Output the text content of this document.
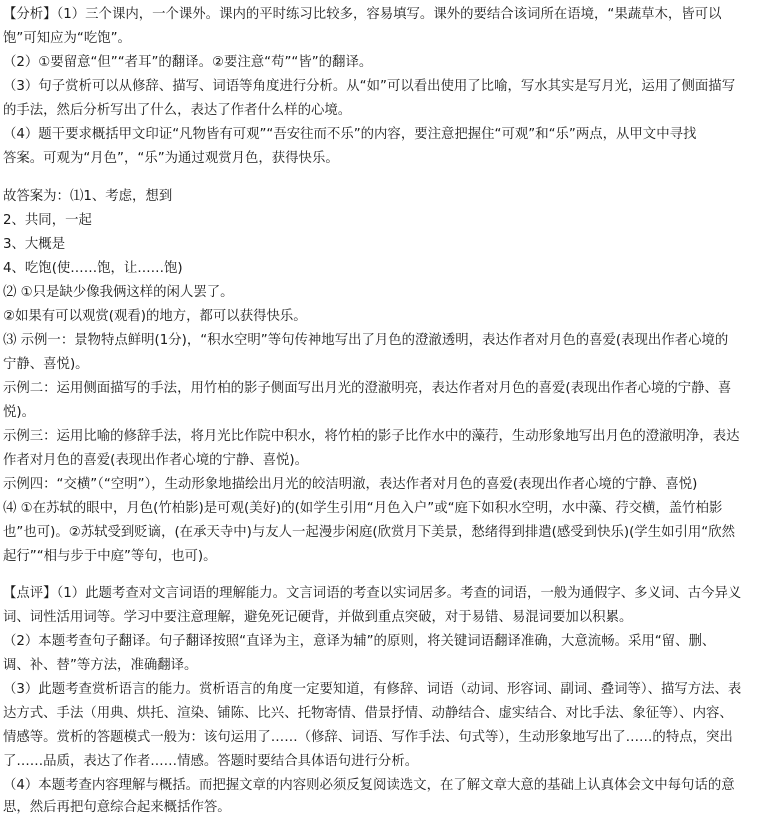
【分析】（1）三个课内，一个课外。课内的平时练习比较多，容易填写。课外的要结合该词所在语境，“果蔬草木，皆可以
饱”可知应为“吃饱”。
（2）①要留意“但”“者耳”的翻译。②要注意“苟”“皆”的翻译。
（3）句子赏析可以从修辞、描写、词语等角度进行分析。从“如”可以看出使用了比喻，写水其实是写月光，运用了侧面描写
的手法，然后分析写出了什么，表达了作者什么样的心境。
（4）题干要求概括甲文印证“凡物皆有可观”“吾安往而不乐”的内容，要注意把握住“可观”和“乐”两点，从甲文中寻找
答案。可观为“月色”，“乐”为通过观赏月色，获得快乐。
故答案为：⑴1、考虑，想到
2、共同，一起
3、大概是
4、吃饱(使……饱，让……饱)
⑵ ①只是缺少像我俩这样的闲人罢了。
②如果有可以观赏(观看)的地方，都可以获得快乐。
⑶ 示例一：景物特点鲜明(1分)，“积水空明”等句传神地写出了月色的澄澈透明，表达作者对月色的喜爱(表现出作者心境的
宁静、喜悦)。
示例二：运用侧面描写的手法，用竹柏的影子侧面写出月光的澄澈明亮，表达作者对月色的喜爱(表现出作者心境的宁静、喜
悦)。
示例三：运用比喻的修辞手法，将月光比作院中积水，将竹柏的影子比作水中的藻荇，生动形象地写出月色的澄澈明净，表达
作者对月色的喜爱(表现出作者心境的宁静、喜悦)。
示例四：“交横”（“空明”），生动形象地描绘出月光的皎洁明澈，表达作者对月色的喜爱(表现出作者心境的宁静、喜悦)
⑷ ①在苏轼的眼中，月色(竹柏影)是可观(美好)的(如学生引用“月色入户”或“庭下如积水空明，水中藻、荇交横，盖竹柏影
也”也可)。②苏轼受到贬谪，(在承天寺中)与友人一起漫步闲庭(欣赏月下美景，愁绪得到排遣(感受到快乐)(学生如引用“欣然
起行”“相与步于中庭”等句，也可)。
【点评】（1）此题考查对文言词语的理解能力。文言词语的考查以实词居多。考查的词语，一般为通假字、多义词、古今异义
词、词性活用词等。学习中要注意理解，避免死记硬背，并做到重点突破，对于易错、易混词要加以积累。
（2）本题考查句子翻译。句子翻译按照“直译为主，意译为辅”的原则，将关键词语翻译准确，大意流畅。采用“留、删、
调、补、替”等方法，准确翻译。
（3）此题考查赏析语言的能力。赏析语言的角度一定要知道，有修辞、词语（动词、形容词、副词、叠词等）、描写方法、表
达方式、手法（用典、烘托、渲染、铺陈、比兴、托物寄情、借景抒情、动静结合、虚实结合、对比手法、象征等）、内容、
情感等。赏析的答题模式一般为：该句运用了……（修辞、词语、写作手法、句式等），生动形象地写出了……的特点，突出
了……品质，表达了作者……情感。答题时要结合具体语句进行分析。
（4）本题考查内容理解与概括。而把握文章的内容则必须反复阅读选文，在了解文章大意的基础上认真体会文中每句话的意
思，然后再把句意综合起来概括作答。
